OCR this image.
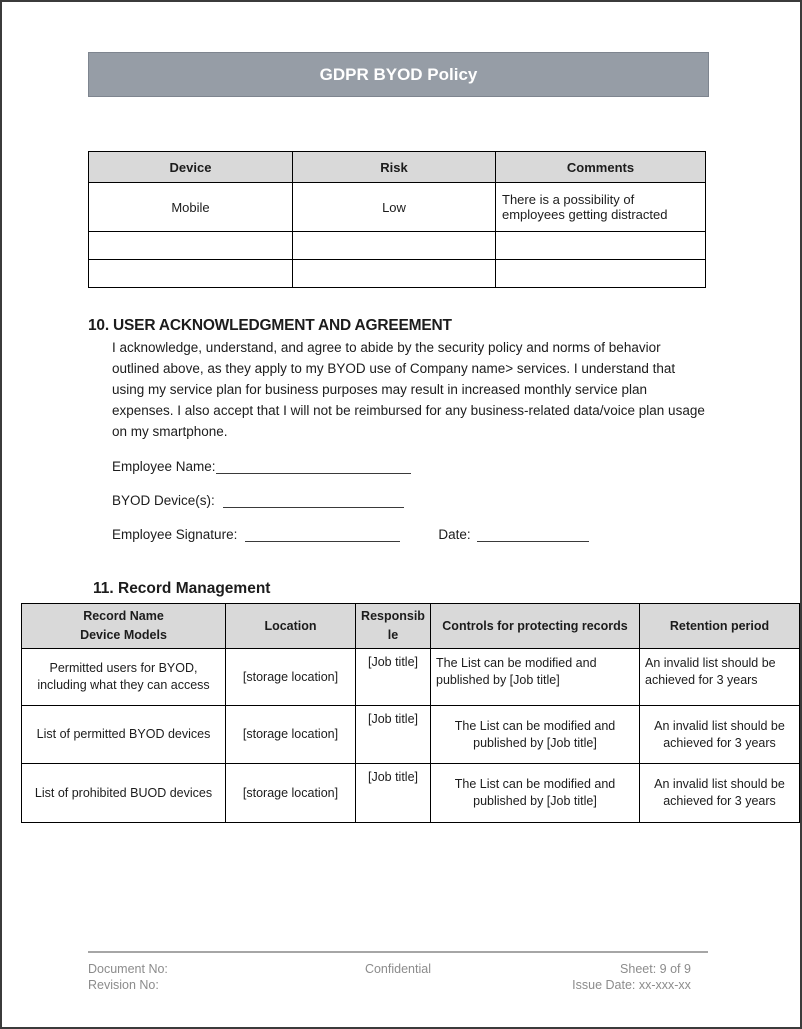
GDPR BYOD Policy
Device	Risk	Comments
Mobile	Low	There is a possibility of employees getting distracted

10. USER ACKNOWLEDGMENT AND AGREEMENT
I acknowledge, understand, and agree to abide by the security policy and norms of behavior outlined above, as they apply to my BYOD use of Company name> services. I understand that using my service plan for business purposes may result in increased monthly service plan expenses. I also accept that I will not be reimbursed for any business-related data/voice plan usage on my smartphone.
Employee Name:
BYOD Device(s):
Employee Signature:	Date:
11. Record Management
Record Name
Device Models	Location	Responsible	Controls for protecting records	Retention period
Permitted users for BYOD, including what they can access	[storage location]	[Job title]	The List can be modified and published by [Job title]	An invalid list should be achieved for 3 years
List of permitted BYOD devices	[storage location]	[Job title]	The List can be modified and published by [Job title]	An invalid list should be achieved for 3 years
List of prohibited BUOD devices	[storage location]	[Job title]	The List can be modified and published by [Job title]	An invalid list should be achieved for 3 years
Document No:
Revision No:
Confidential	Sheet: 9 of 9
Issue Date: xx-xxx-xx
